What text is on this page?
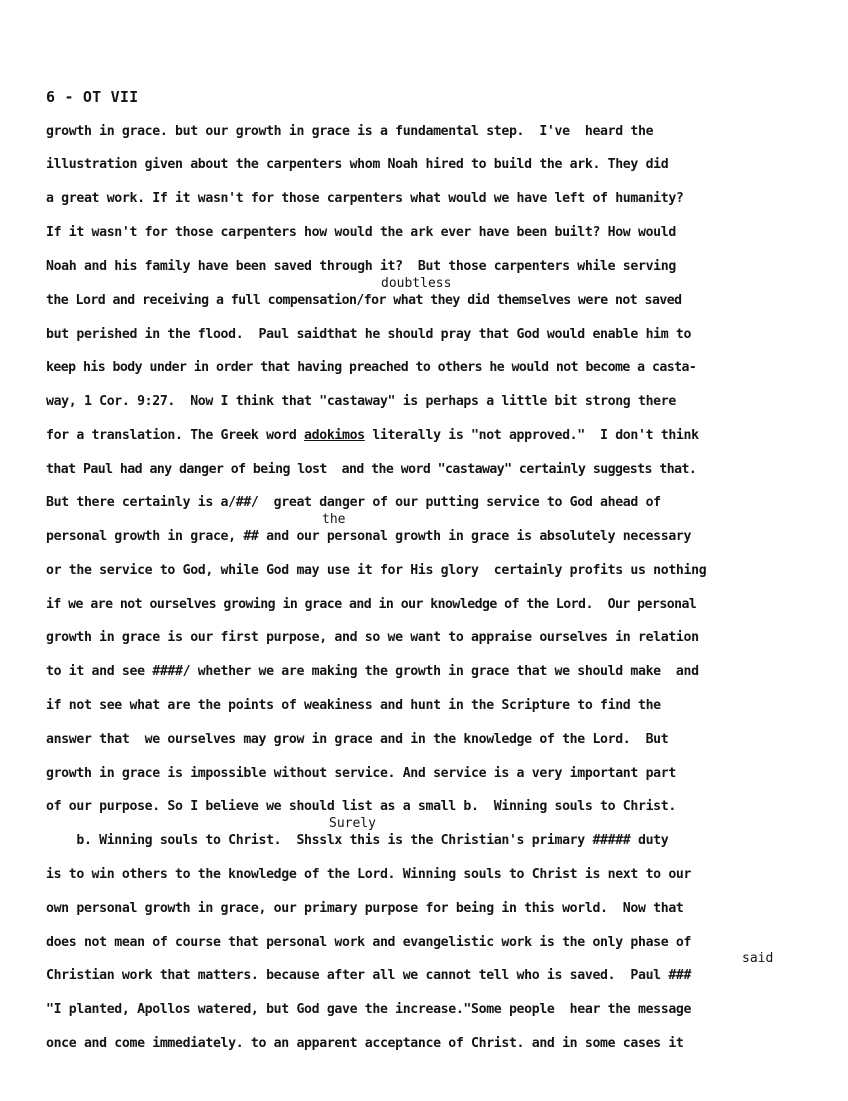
6 - OT VII
growth in grace. but our growth in grace is a fundamental step.  I've  heard the
illustration given about the carpenters whom Noah hired to build the ark. They did
a great work. If it wasn't for those carpenters what would we have left of humanity?
If it wasn't for those carpenters how would the ark ever have been built? How would
Noah and his family have been saved through it?  But those carpenters while serving
doubtless
the Lord and receiving a full compensation/for what they did themselves were not saved
but perished in the flood.  Paul saidthat he should pray that God would enable him to
keep his body under in order that having preached to others he would not become a casta-
way, 1 Cor. 9:27.  Now I think that "castaway" is perhaps a little bit strong there
for a translation. The Greek word adokimos literally is "not approved."  I don't think
that Paul had any danger of being lost  and the word "castaway" certainly suggests that.
But there certainly is a/##/  great danger of our putting service to God ahead of
the
personal growth in grace, ## and our personal growth in grace is absolutely necessary
or the service to God, while God may use it for His glory  certainly profits us nothing
if we are not ourselves growing in grace and in our knowledge of the Lord.  Our personal
growth in grace is our first purpose, and so we want to appraise ourselves in relation
to it and see ####/ whether we are making the growth in grace that we should make  and
if not see what are the points of weakiness and hunt in the Scripture to find the
answer that  we ourselves may grow in grace and in the knowledge of the Lord.  But
growth in grace is impossible without service. And service is a very important part
of our purpose. So I believe we should list as a small b.  Winning souls to Christ.
Surely
b. Winning souls to Christ.  Shsslx this is the Christian's primary ##### duty
is to win others to the knowledge of the Lord. Winning souls to Christ is next to our
own personal growth in grace, our primary purpose for being in this world.  Now that
does not mean of course that personal work and evangelistic work is the only phase of
said
Christian work that matters. because after all we cannot tell who is saved.  Paul ###
"I planted, Apollos watered, but God gave the increase."Some people  hear the message
once and come immediately. to an apparent acceptance of Christ. and in some cases it
